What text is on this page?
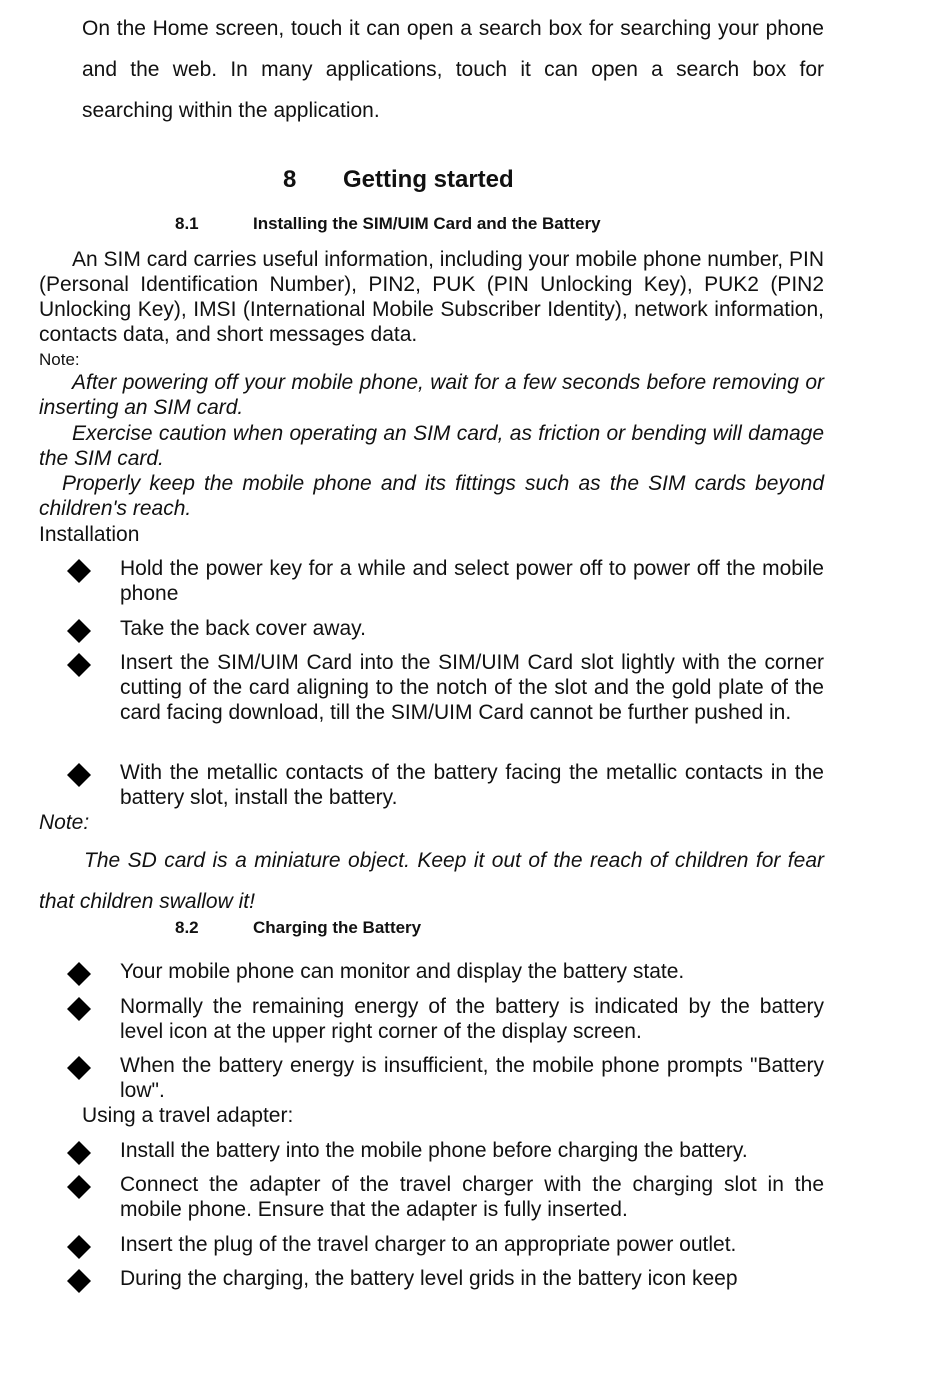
On the Home screen, touch it can open a search box for searching your phone and the web. In many applications, touch it can open a search box for searching within the application.

8 Getting started
8.1	Installing the SIM/UIM Card and the Battery

An SIM card carries useful information, including your mobile phone number, PIN (Personal Identification Number), PIN2, PUK (PIN Unlocking Key), PUK2 (PIN2 Unlocking Key), IMSI (International Mobile Subscriber Identity), network information, contacts data, and short messages data.

Note:

After powering off your mobile phone, wait for a few seconds before removing or inserting an SIM card.

Exercise caution when operating an SIM card, as friction or bending will damage the SIM card.

Properly keep the mobile phone and its fittings such as the SIM cards beyond children's reach.

Installation
Hold the power key for a while and select power off to power off the mobile phone
Take the back cover away.
Insert the SIM/UIM Card into the SIM/UIM Card slot lightly with the corner cutting of the card aligning to the notch of the slot and the gold plate of the card facing download, till the SIM/UIM Card cannot be further pushed in.
With the metallic contacts of the battery facing the metallic contacts in the battery slot, install the battery.
Note:

The SD card is a miniature object. Keep it out of the reach of children for fear that children swallow it!

8.2	Charging the Battery
Your mobile phone can monitor and display the battery state.
Normally the remaining energy of the battery is indicated by the battery level icon at the upper right corner of the display screen.
When the battery energy is insufficient, the mobile phone prompts "Battery low".
Using a travel adapter:
Install the battery into the mobile phone before charging the battery.
Connect the adapter of the travel charger with the charging slot in the mobile phone. Ensure that the adapter is fully inserted.
Insert the plug of the travel charger to an appropriate power outlet.
During the charging, the battery level grids in the battery icon keep
